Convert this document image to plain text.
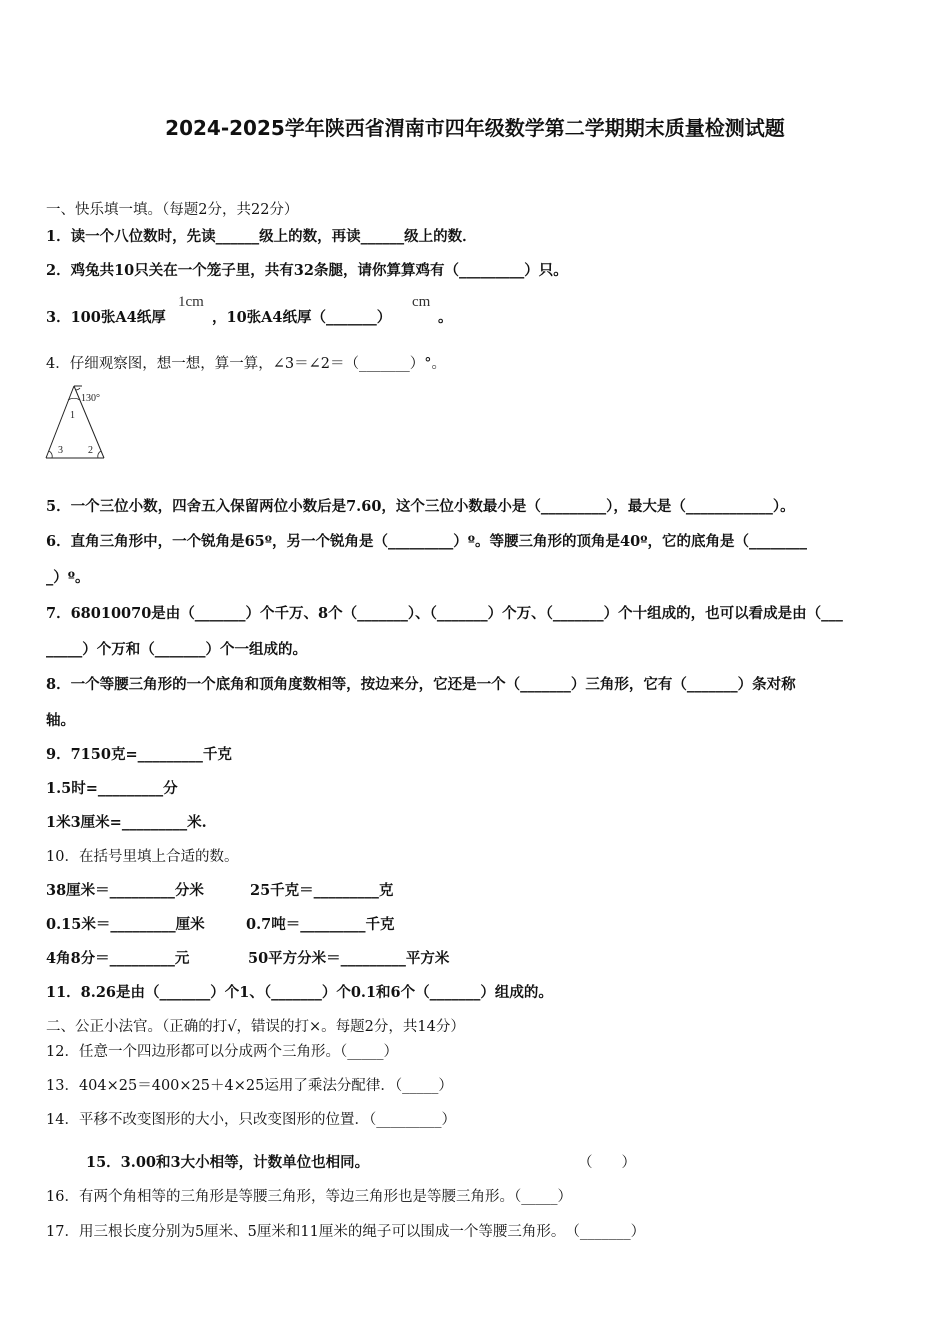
2024-2025学年陕西省渭南市四年级数学第二学期期末质量检测试题
一、快乐填一填。（每题2分，共22分）
1．读一个八位数时，先读______级上的数，再读______级上的数．
2．鸡兔共10只关在一个笼子里，共有32条腿，请你算算鸡有（_________）只。
3．100张A4纸厚
1cm
，10张A4纸厚（_______）
cm
。
4．仔细观察图，想一想，算一算，∠3＝∠2＝（_______）°。
130°
1
3	2
5．一个三位小数，四舍五入保留两位小数后是7.60，这个三位小数最小是（_________），最大是（____________）。
6．直角三角形中，一个锐角是65º，另一个锐角是（_________）º。等腰三角形的顶角是40º，它的底角是（________
_）º。
7．68010070是由（_______）个千万、8个（_______）、（_______）个万、（_______）个十组成的，也可以看成是由（___
_____）个万和（_______）个一组成的。
8．一个等腰三角形的一个底角和顶角度数相等，按边来分，它还是一个（_______）三角形，它有（_______）条对称
轴。
9．7150克=_________千克
1.5时=_________分
1米3厘米=_________米.
10．在括号里填上合适的数。
38厘米＝_________分米	25千克＝_________克
0.15米＝_________厘米	0.7吨＝_________千克
4角8分＝_________元	50平方分米＝_________平方米
11．8.26是由（_______）个1、（_______）个0.1和6个（_______）组成的。
二、公正小法官。（正确的打√，错误的打×。每题2分，共14分）
12．任意一个四边形都可以分成两个三角形。（_____）
13．404×25＝400×25＋4×25运用了乘法分配律．（_____）
14．平移不改变图形的大小，只改变图形的位置．（_________）
15．3.00和3大小相等，计数单位也相同。	（　　）
16．有两个角相等的三角形是等腰三角形，等边三角形也是等腰三角形。（_____）
17．用三根长度分别为5厘米、5厘米和11厘米的绳子可以围成一个等腰三角形。　（_______）
